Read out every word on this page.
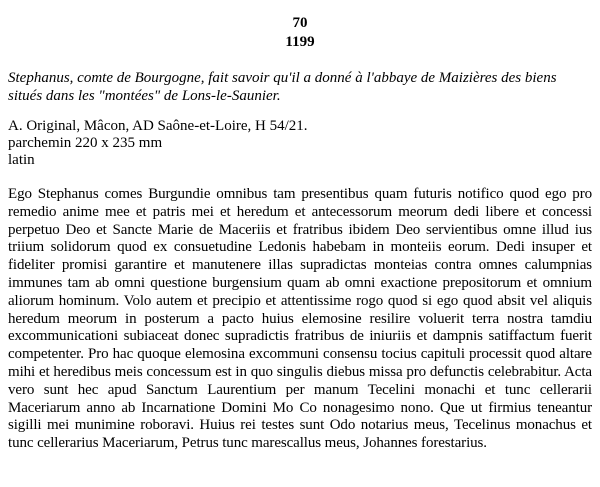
70

1199

Stephanus, comte de Bourgogne, fait savoir qu'il a donné à l'abbaye de Maizières des biens situés dans les "montées" de Lons-le-Saunier.

A. Original, Mâcon, AD Saône-et-Loire, H 54/21.

parchemin 220 x 235 mm

latin

Ego Stephanus comes Burgundie omnibus tam presentibus quam futuris notifico quod ego pro remedio anime mee et patris mei et heredum et antecessorum meorum dedi libere et concessi perpetuo Deo et Sancte Marie de Maceriis et fratribus ibidem Deo servientibus omne illud ius triium solidorum quod ex consuetudine Ledonis habebam in monteiis eorum. Dedi insuper et fideliter promisi garantire et manutenere illas supradictas monteias contra omnes calumpnias immunes tam ab omni questione burgensium quam ab omni exactione prepositorum et omnium aliorum hominum. Volo autem et precipio et attentissime rogo quod si ego quod absit vel aliquis heredum meorum in posterum a pacto huius elemosine resilire voluerit terra nostra tamdiu excommunicationi subiaceat donec supradictis fratribus de iniuriis et dampnis satiffactum fuerit competenter. Pro hac quoque elemosina excommuni consensu tocius capituli processit quod altare mihi et heredibus meis concessum est in quo singulis diebus missa pro defunctis celebrabitur. Acta vero sunt hec apud Sanctum Laurentium per manum Tecelini monachi et tunc cellerarii Maceriarum anno ab Incarnatione Domini Mo Co nonagesimo nono. Que ut firmius teneantur sigilli mei munimine roboravi. Huius rei testes sunt Odo notarius meus, Tecelinus monachus et tunc cellerarius Maceriarum, Petrus tunc marescallus meus, Johannes forestarius.
